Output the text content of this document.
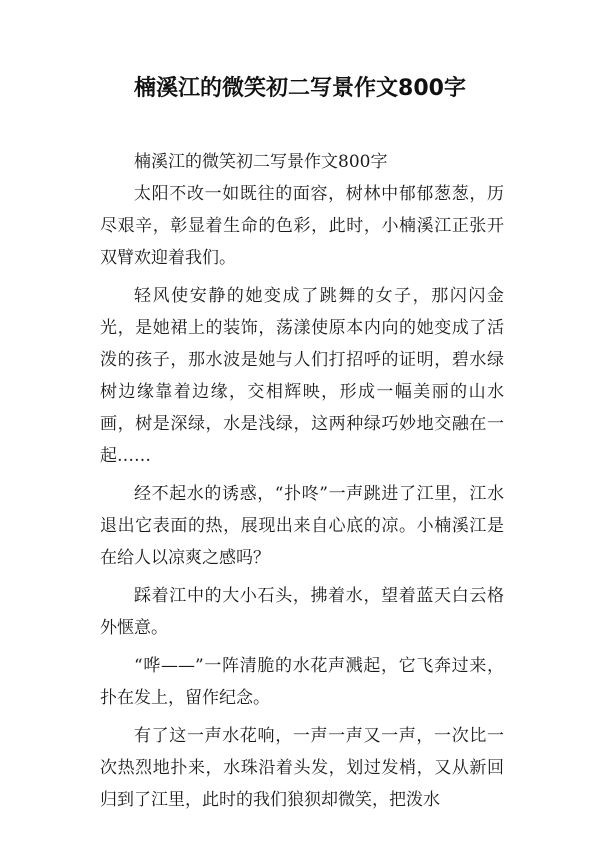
楠溪江的微笑初二写景作文800字

楠溪江的微笑初二写景作文800字

太阳不改一如既往的面容，树林中郁郁葱葱，历尽艰辛，彰显着生命的色彩，此时，小楠溪江正张开双臂欢迎着我们。

轻风使安静的她变成了跳舞的女子，那闪闪金光，是她裙上的装饰，荡漾使原本内向的她变成了活泼的孩子，那水波是她与人们打招呼的证明，碧水绿树边缘靠着边缘，交相辉映，形成一幅美丽的山水画，树是深绿，水是浅绿，这两种绿巧妙地交融在一起……

经不起水的诱惑，“扑咚”一声跳进了江里，江水退出它表面的热，展现出来自心底的凉。小楠溪江是在给人以凉爽之感吗？

踩着江中的大小石头，拂着水，望着蓝天白云格外惬意。

“哗——”一阵清脆的水花声溅起，它飞奔过来，扑在发上，留作纪念。

有了这一声水花响，一声一声又一声，一次比一次热烈地扑来，水珠沿着头发，划过发梢，又从新回归到了江里，此时的我们狼狈却微笑，把泼水
